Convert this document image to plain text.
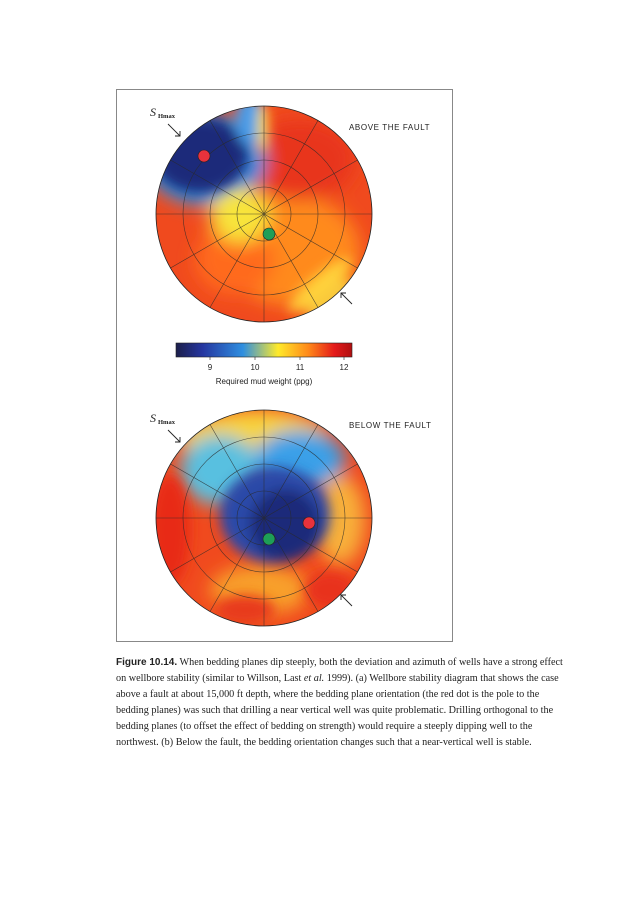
S Hmax
ABOVE THE FAULT
9	10	11	12
Required mud weight (ppg)
S Hmax	BELOW THE FAULT
Figure 10.14. When bedding planes dip steeply, both the deviation and azimuth of wells have a strong effect on wellbore stability (similar to Willson, Last et al. 1999). (a) Wellbore stability diagram that shows the case above a fault at about 15,000 ft depth, where the bedding plane orientation (the red dot is the pole to the bedding planes) was such that drilling a near vertical well was quite problematic. Drilling orthogonal to the bedding planes (to offset the effect of bedding on strength) would require a steeply dipping well to the northwest. (b) Below the fault, the bedding orientation changes such that a near-vertical well is stable.
